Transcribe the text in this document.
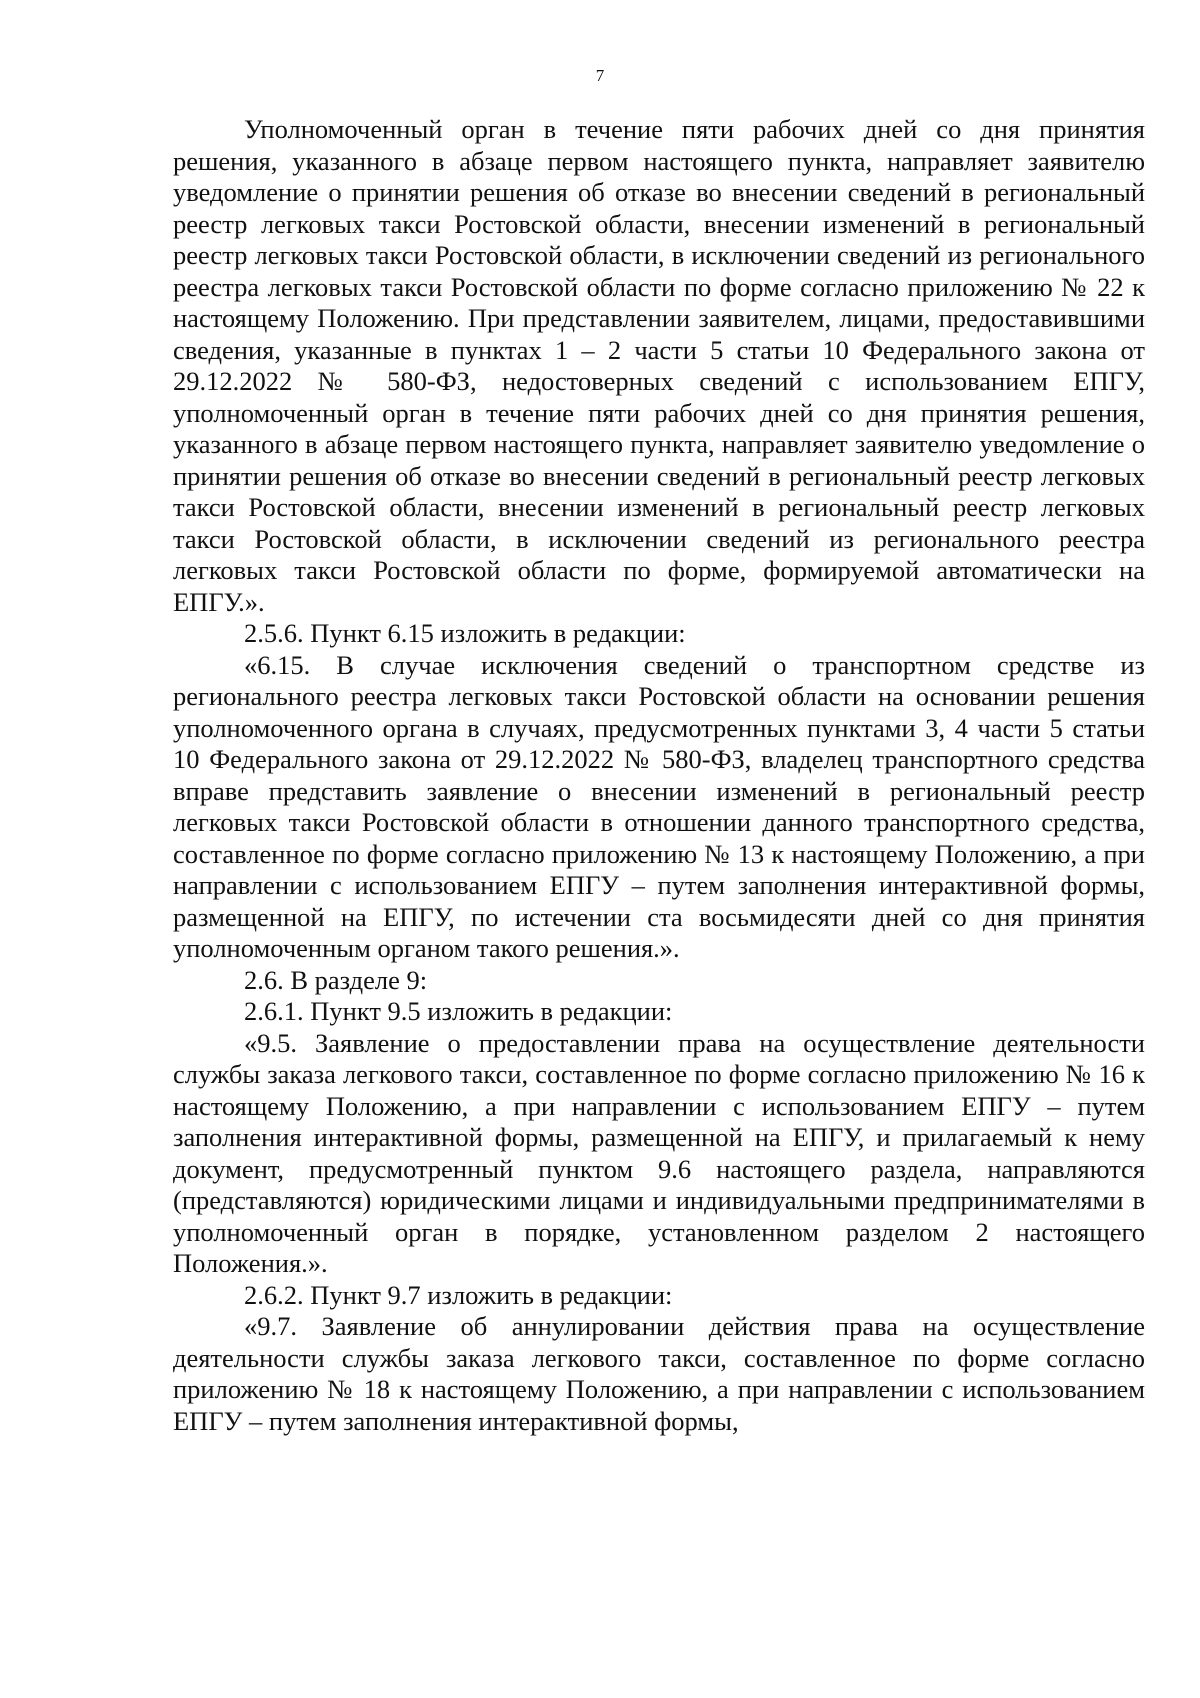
7

Уполномоченный орган в течение пяти рабочих дней со дня принятия решения, указанного в абзаце первом настоящего пункта, направляет заявителю уведомление о принятии решения об отказе во внесении сведений в региональный реестр легковых такси Ростовской области, внесении изменений в региональный реестр легковых такси Ростовской области, в исключении сведений из регионального реестра легковых такси Ростовской области по форме согласно приложению № 22 к настоящему Положению. При представлении заявителем, лицами, предоставившими сведения, указанные в пунктах 1 – 2 части 5 статьи 10 Федерального закона от 29.12.2022 № 580-ФЗ, недостоверных сведений с использованием ЕПГУ, уполномоченный орган в течение пяти рабочих дней со дня принятия решения, указанного в абзаце первом настоящего пункта, направляет заявителю уведомление о принятии решения об отказе во внесении сведений в региональный реестр легковых такси Ростовской области, внесении изменений в региональный реестр легковых такси Ростовской области, в исключении сведений из регионального реестра легковых такси Ростовской области по форме, формируемой автоматически на ЕПГУ.».

2.5.6. Пункт 6.15 изложить в редакции:

«6.15. В случае исключения сведений о транспортном средстве из регионального реестра легковых такси Ростовской области на основании решения уполномоченного органа в случаях, предусмотренных пунктами 3, 4 части 5 статьи 10 Федерального закона от 29.12.2022 № 580-ФЗ, владелец транспортного средства вправе представить заявление о внесении изменений в региональный реестр легковых такси Ростовской области в отношении данного транспортного средства, составленное по форме согласно приложению № 13 к настоящему Положению, а при направлении с использованием ЕПГУ – путем заполнения интерактивной формы, размещенной на ЕПГУ, по истечении ста восьмидесяти дней со дня принятия уполномоченным органом такого решения.».

2.6. В разделе 9:

2.6.1. Пункт 9.5 изложить в редакции:

«9.5. Заявление о предоставлении права на осуществление деятельности службы заказа легкового такси, составленное по форме согласно приложению № 16 к настоящему Положению, а при направлении с использованием ЕПГУ – путем заполнения интерактивной формы, размещенной на ЕПГУ, и прилагаемый к нему документ, предусмотренный пунктом 9.6 настоящего раздела, направляются (представляются) юридическими лицами и индивидуальными предпринимателями в уполномоченный орган в порядке, установленном разделом 2 настоящего Положения.».

2.6.2. Пункт 9.7 изложить в редакции:

«9.7. Заявление об аннулировании действия права на осуществление деятельности службы заказа легкового такси, составленное по форме согласно приложению № 18 к настоящему Положению, а при направлении с использованием ЕПГУ – путем заполнения интерактивной формы,
